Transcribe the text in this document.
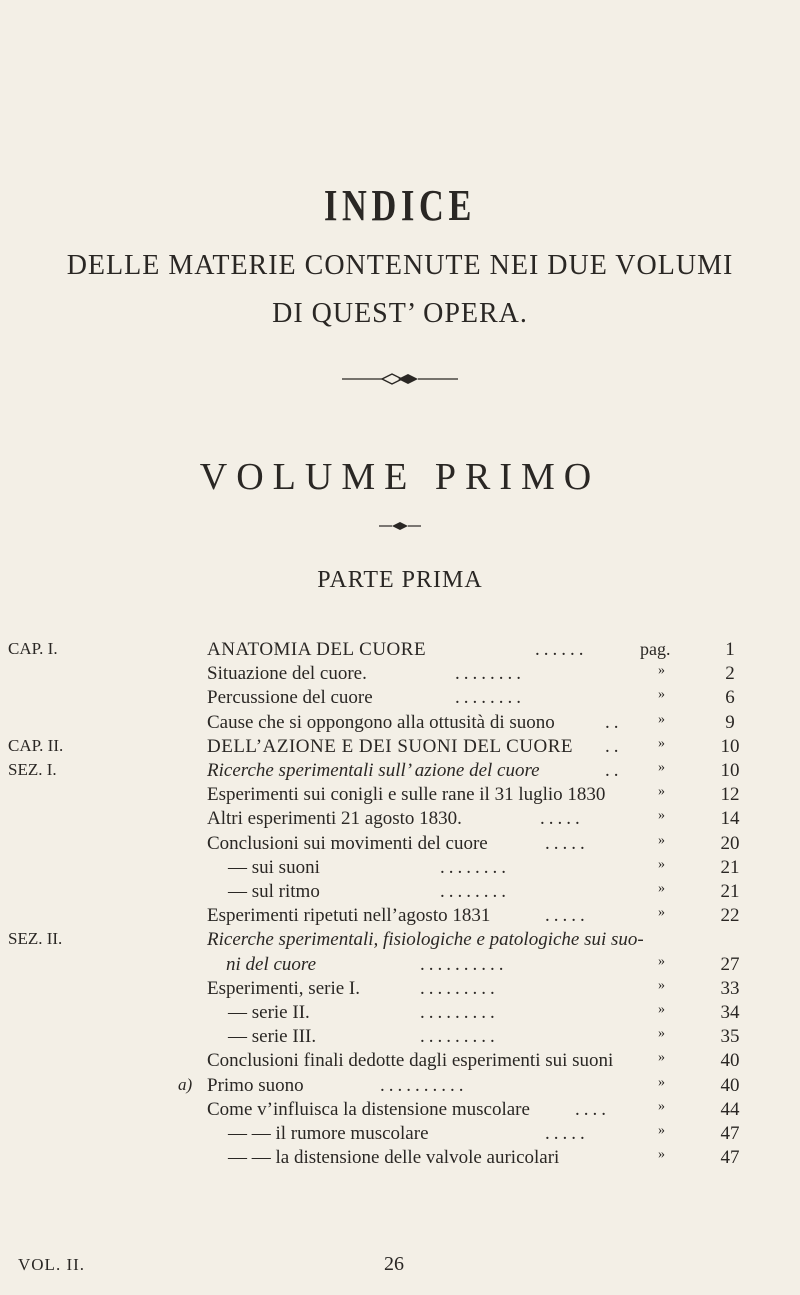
INDICE
DELLE MATERIE CONTENUTE NEI DUE VOLUMI
DI QUEST’ OPERA.
VOLUME PRIMO
PARTE PRIMA
CAP. I.	ANATOMIA DEL CUORE	......	pag.	1
Situazione del cuore.	........	»	2
Percussione del cuore	........	»	6
Cause che si oppongono alla ottusità di suono	..	»	9
CAP. II.	DELL’AZIONE E DEI SUONI DEL CUORE ..	»	10
SEZ. I.	Ricerche sperimentali sull’ azione del cuore	..	»	10
Esperimenti sui conigli e sulle rane il 31 luglio 1830	»	12
Altri esperimenti 21 agosto 1830.	.....	»	14
Conclusioni sui movimenti del cuore	.....	»	20
— sui suoni	........	»	21
— sul ritmo	........	»	21
Esperimenti ripetuti nell’agosto 1831	.....	»	22
SEZ. II.	Ricerche sperimentali, fisiologiche e patologiche sui suo-
ni del cuore	..........	»	27
Esperimenti, serie I.	.........	»	33
— serie II.	.........	»	34
— serie III.	.........	»	35
Conclusioni finali dedotte dagli esperimenti sui suoni	»	40
a) Primo suono	..........	»	40
Come v’influisca la distensione muscolare ....	»	44
— — il rumore muscolare	.....	»	47
— — la distensione delle valvole auricolari	»	47
VOL. II.	26
